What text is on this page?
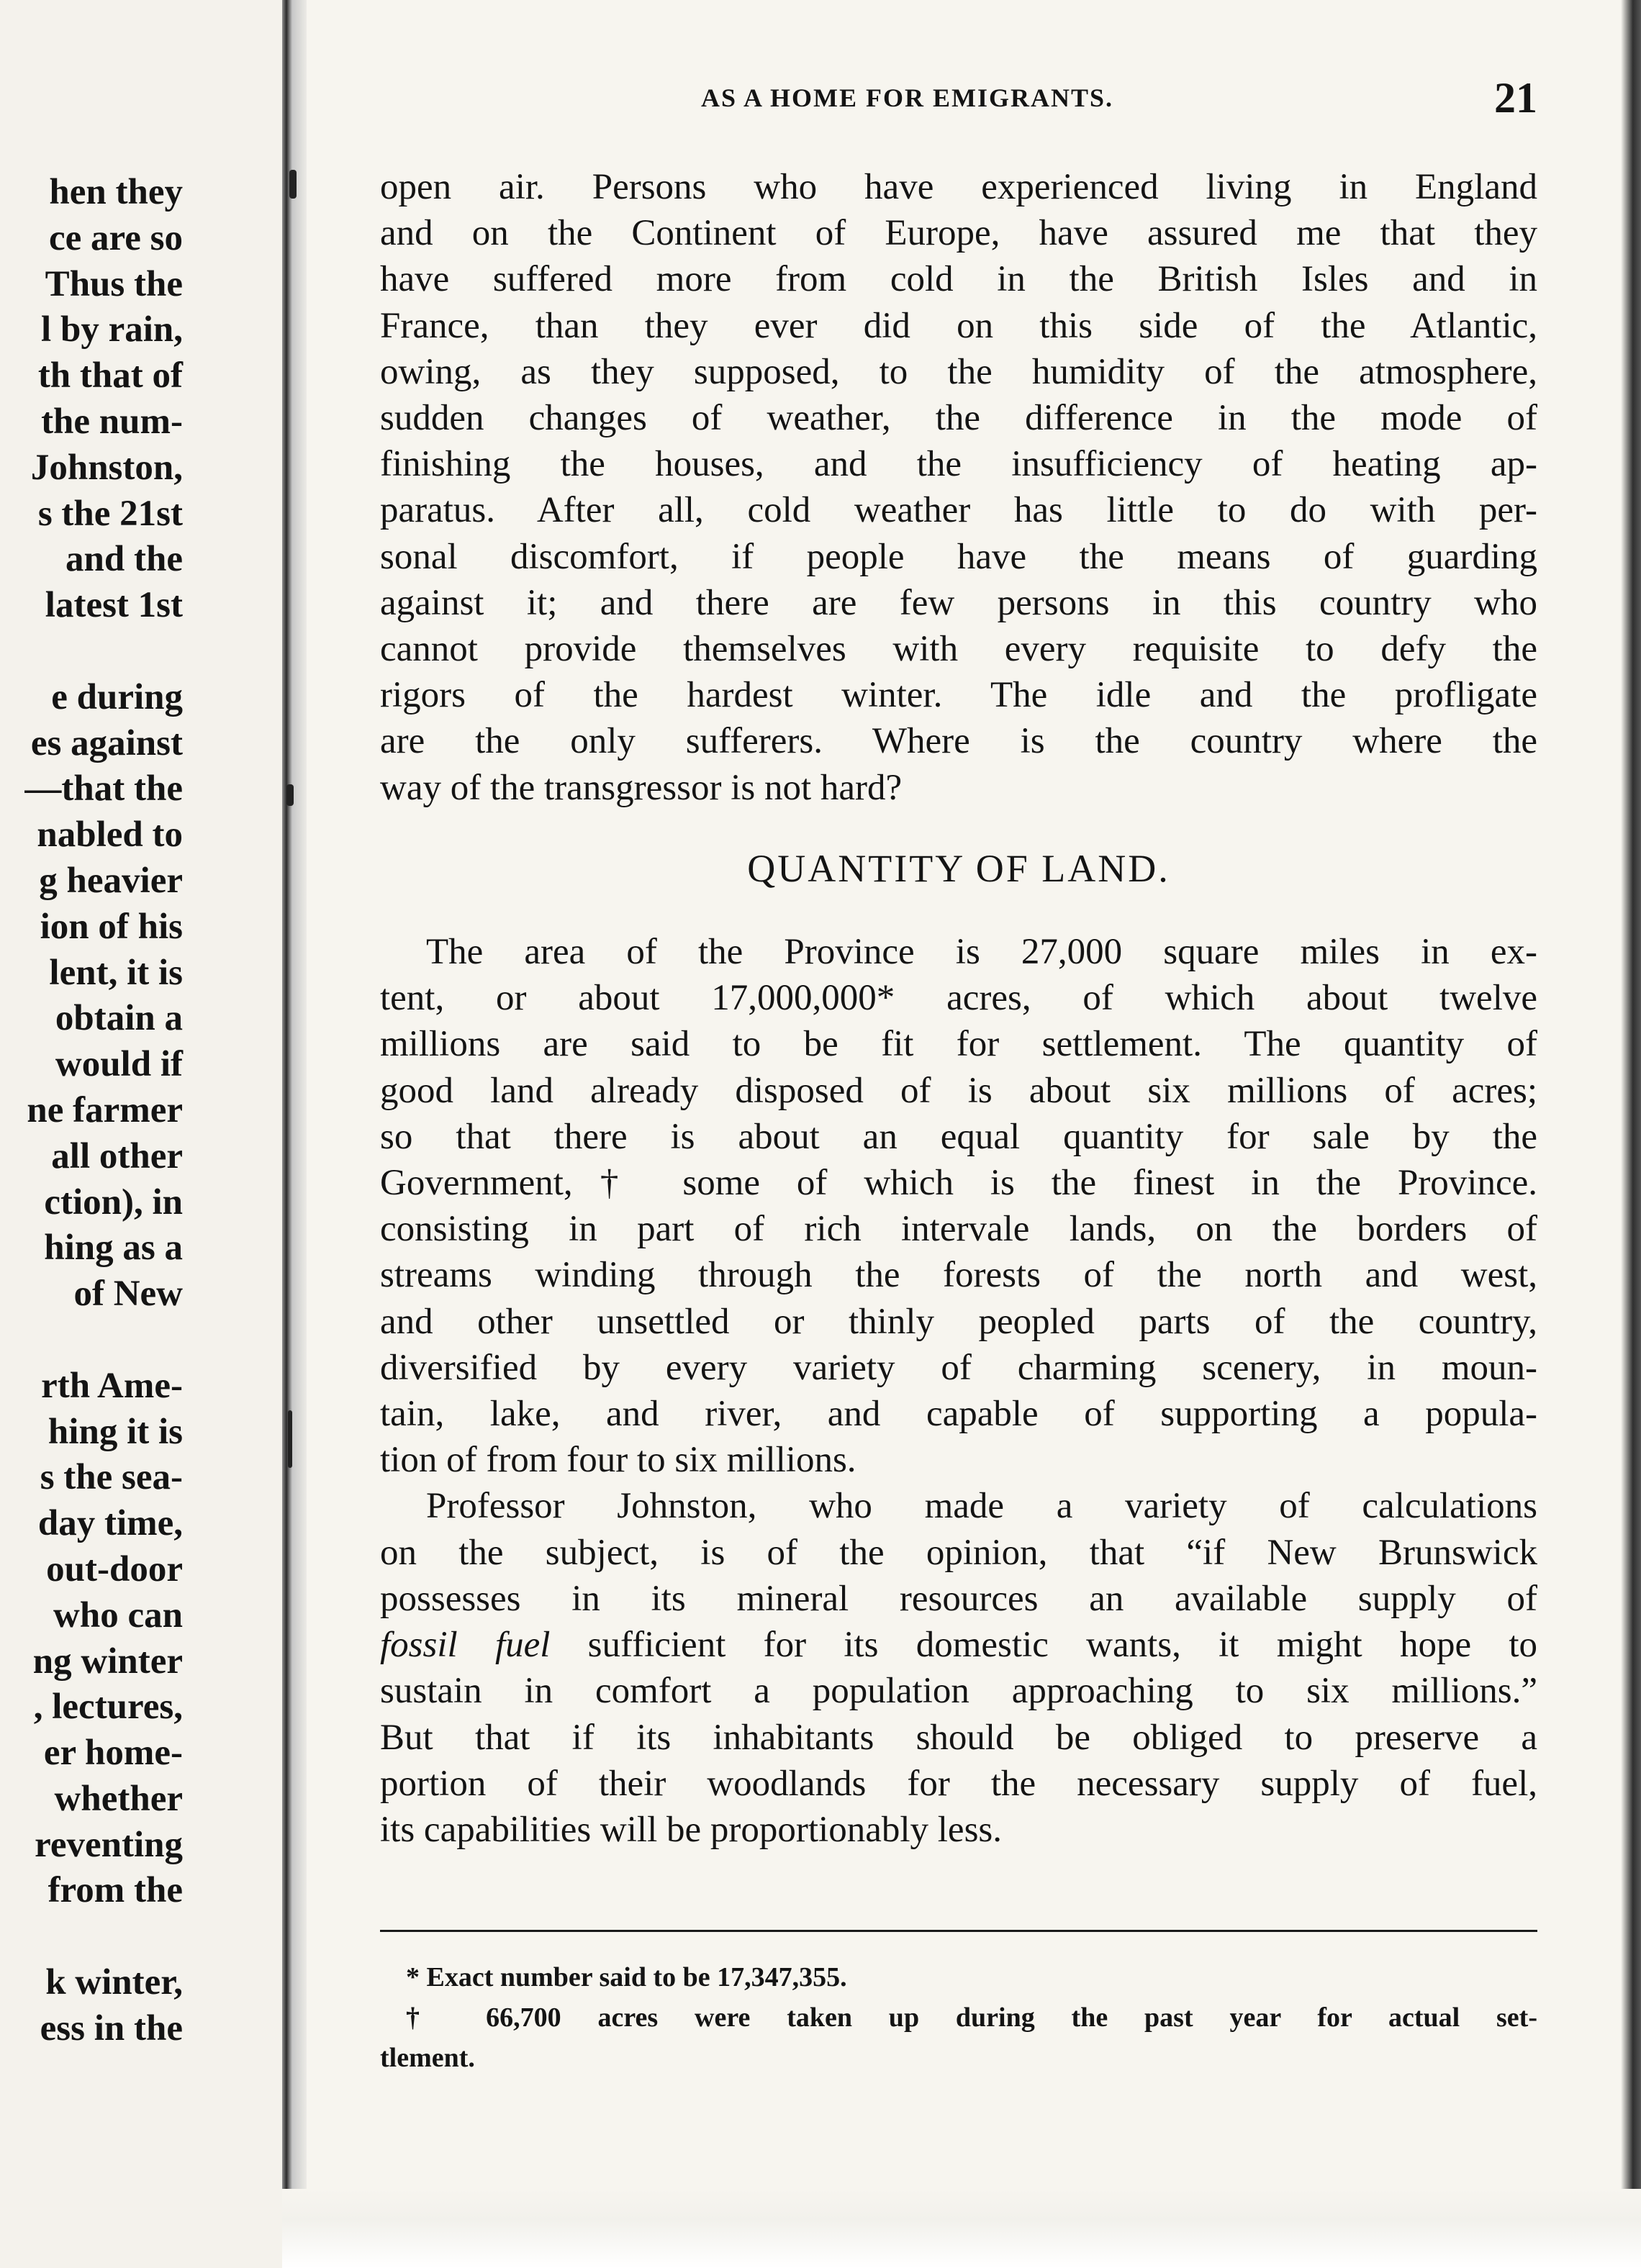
hen they
ce are so
Thus the
l by rain,
th that of
the num-
Johnston,
s the 21st
and the
latest 1st

e during
es against
—that the
nabled to
g heavier
ion of his
lent, it is
obtain a
would if
ne farmer
all other
ction), in
hing as a
of New

rth Ame-
hing it is
s the sea-
day time,
out-door
who can
ng winter
, lectures,
er home-
whether
reventing
from the

k winter,
ess in the
AS A HOME FOR EMIGRANTS.	21

open air. Persons who have experienced living in England
and on the Continent of Europe, have assured me that they
have suffered more from cold in the British Isles and in
France, than they ever did on this side of the Atlantic,
owing, as they supposed, to the humidity of the atmosphere,
sudden changes of weather, the difference in the mode of
finishing the houses, and the insufficiency of heating ap-
paratus. After all, cold weather has little to do with per-
sonal discomfort, if people have the means of guarding
against it; and there are few persons in this country who
cannot provide themselves with every requisite to defy the
rigors of the hardest winter. The idle and the profligate
are the only sufferers. Where is the country where the
way of the transgressor is not hard?

QUANTITY OF LAND.

The area of the Province is 27,000 square miles in ex-
tent, or about 17,000,000* acres, of which about twelve
millions are said to be fit for settlement. The quantity of
good land already disposed of is about six millions of acres;
so that there is about an equal quantity for sale by the
Government,† some of which is the finest in the Province.
consisting in part of rich intervale lands, on the borders of
streams winding through the forests of the north and west,
and other unsettled or thinly peopled parts of the country,
diversified by every variety of charming scenery, in moun-
tain, lake, and river, and capable of supporting a popula-
tion of from four to six millions.

Professor Johnston, who made a variety of calculations
on the subject, is of the opinion, that “if New Brunswick
possesses in its mineral resources an available supply of
fossil fuel sufficient for its domestic wants, it might hope to
sustain in comfort a population approaching to six millions.”
But that if its inhabitants should be obliged to preserve a
portion of their woodlands for the necessary supply of fuel,
its capabilities will be proportionably less.

* Exact number said to be 17,347,355.
† 66,700 acres were taken up during the past year for actual set-
tlement.
